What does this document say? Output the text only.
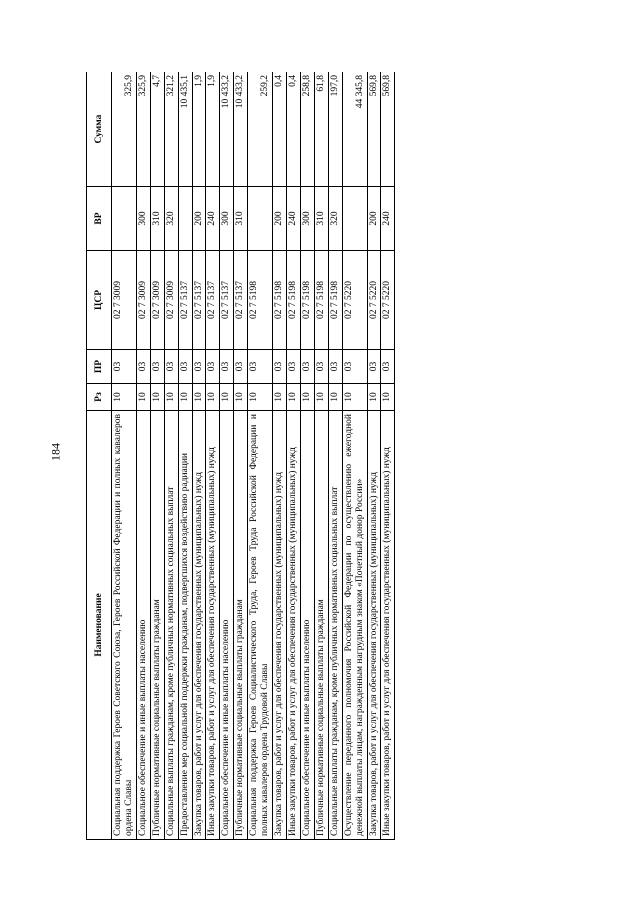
184
Наименование	Рз	ПР	ЦСР	ВР	Сумма
Социальная поддержка Героев Советского Союза, Героев Российской Федерации и полных кавалеров ордена Славы	10	03	02 7 3009		325,9
Социальное обеспечение и иные выплаты населению	10	03	02 7 3009	300	325,9
Публичные нормативные социальные выплаты гражданам	10	03	02 7 3009	310	4,7
Социальные выплаты гражданам, кроме публичных нормативных социальных выплат	10	03	02 7 3009	320	321,2
Предоставление мер социальной поддержки гражданам, подвергшихся воздействию радиации	10	03	02 7 5137		10 435,1
Закупка товаров, работ и услуг для обеспечения государственных (муниципальных) нужд	10	03	02 7 5137	200	1,9
Иные закупки товаров, работ и услуг для обеспечения государственных (муниципальных) нужд	10	03	02 7 5137	240	1,9
Социальное обеспечение и иные выплаты населению	10	03	02 7 5137	300	10 433,2
Публичные нормативные социальные выплаты гражданам	10	03	02 7 5137	310	10 433,2
Социальная поддержка Героев Социалистического Труда, Героев Труда Российской Федерации и полных кавалеров ордена Трудовой Славы	10	03	02 7 5198		259,2
Закупка товаров, работ и услуг для обеспечения государственных (муниципальных) нужд	10	03	02 7 5198	200	0,4
Иные закупки товаров, работ и услуг для обеспечения государственных (муниципальных) нужд	10	03	02 7 5198	240	0,4
Социальное обеспечение и иные выплаты населению	10	03	02 7 5198	300	258,8
Публичные нормативные социальные выплаты гражданам	10	03	02 7 5198	310	61,8
Социальные выплаты гражданам, кроме публичных нормативных социальных выплат	10	03	02 7 5198	320	197,0
Осуществление переданного полномочия Российской Федерации по осуществлению ежегодной денежной выплаты лицам, награжденным нагрудным знаком «Почетный донор России»	10	03	02 7 5220		44 345,8
Закупка товаров, работ и услуг для обеспечения государственных (муниципальных) нужд	10	03	02 7 5220	200	569,8
Иные закупки товаров, работ и услуг для обеспечения государственных (муниципальных) нужд	10	03	02 7 5220	240	569,8
